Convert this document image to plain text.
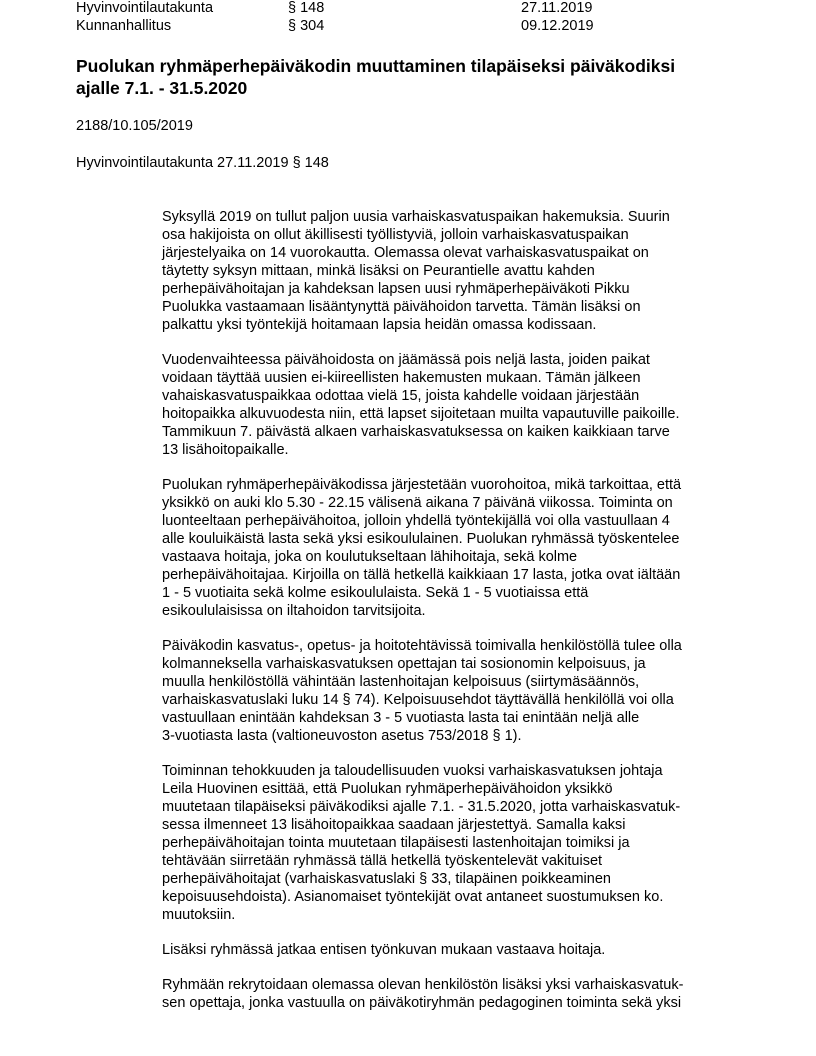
Hyvinvointilautakunta	§ 148	27.11.2019
Kunnanhallitus	§ 304	09.12.2019
Puolukan ryhmäperhepäiväkodin muuttaminen tilapäiseksi päiväkodiksi
ajalle 7.1. - 31.5.2020
2188/10.105/2019
Hyvinvointilautakunta 27.11.2019 § 148

Syksyllä 2019 on tullut paljon uusia varhaiskasvatuspaikan hakemuksia. Suurin
osa hakijoista on ollut äkillisesti työllistyviä, jolloin varhaiskasvatuspaikan
järjestelyaika on 14 vuorokautta. Olemassa olevat varhaiskasvatuspaikat on
täytetty syksyn mittaan, minkä lisäksi on Peurantielle avattu kahden
perhepäivähoitajan ja kahdeksan lapsen uusi ryhmäperhepäiväkoti Pikku
Puolukka vastaamaan lisääntynyttä päivähoidon tarvetta. Tämän lisäksi on
palkattu yksi työntekijä hoitamaan lapsia heidän omassa kodissaan.

Vuodenvaihteessa päivähoidosta on jäämässä pois neljä lasta, joiden paikat
voidaan täyttää uusien ei-kiireellisten hakemusten mukaan. Tämän jälkeen
vahaiskasvatuspaikkaa odottaa vielä 15, joista kahdelle voidaan järjestään
hoitopaikka alkuvuodesta niin, että lapset sijoitetaan muilta vapautuville paikoille.
Tammikuun 7. päivästä alkaen varhaiskasvatuksessa on kaiken kaikkiaan tarve
13 lisähoitopaikalle.

Puolukan ryhmäperhepäiväkodissa järjestetään vuorohoitoa, mikä tarkoittaa, että
yksikkö on auki klo 5.30 - 22.15 välisenä aikana 7 päivänä viikossa. Toiminta on
luonteeltaan perhepäivähoitoa, jolloin yhdellä työntekijällä voi olla vastuullaan 4
alle kouluikäistä lasta sekä yksi esikoululainen. Puolukan ryhmässä työskentelee
vastaava hoitaja, joka on koulutukseltaan lähihoitaja, sekä kolme
perhepäivähoitajaa. Kirjoilla on tällä hetkellä kaikkiaan 17 lasta, jotka ovat iältään
1 - 5 vuotiaita sekä kolme esikoululaista. Sekä 1 - 5 vuotiaissa että
esikoululaisissa on iltahoidon tarvitsijoita.

Päiväkodin kasvatus-, opetus- ja hoitotehtävissä toimivalla henkilöstöllä tulee olla
kolmanneksella varhaiskasvatuksen opettajan tai sosionomin kelpoisuus, ja
muulla henkilöstöllä vähintään lastenhoitajan kelpoisuus (siirtymäsäännös,
varhaiskasvatuslaki luku 14 § 74). Kelpoisuusehdot täyttävällä henkilöllä voi olla
vastuullaan enintään kahdeksan 3 - 5 vuotiasta lasta tai enintään neljä alle
3-vuotiasta lasta (valtioneuvoston asetus 753/2018 § 1).

Toiminnan tehokkuuden ja taloudellisuuden vuoksi varhaiskasvatuksen johtaja
Leila Huovinen esittää, että Puolukan ryhmäperhepäivähoidon yksikkö
muutetaan tilapäiseksi päiväkodiksi ajalle 7.1. - 31.5.2020, jotta varhaiskasvatuk-
sessa ilmenneet 13 lisähoitopaikkaa saadaan järjestettyä. Samalla kaksi
perhepäivähoitajan tointa muutetaan tilapäisesti lastenhoitajan toimiksi ja
tehtävään siirretään ryhmässä tällä hetkellä työskentelevät vakituiset
perhepäivähoitajat (varhaiskasvatuslaki § 33, tilapäinen poikkeaminen
kepoisuusehdoista). Asianomaiset työntekijät ovat antaneet suostumuksen ko.
muutoksiin.

Lisäksi ryhmässä jatkaa entisen työnkuvan mukaan vastaava hoitaja.

Ryhmään rekrytoidaan olemassa olevan henkilöstön lisäksi yksi varhaiskasvatuk-
sen opettaja, jonka vastuulla on päiväkotiryhmän pedagoginen toiminta sekä yksi
